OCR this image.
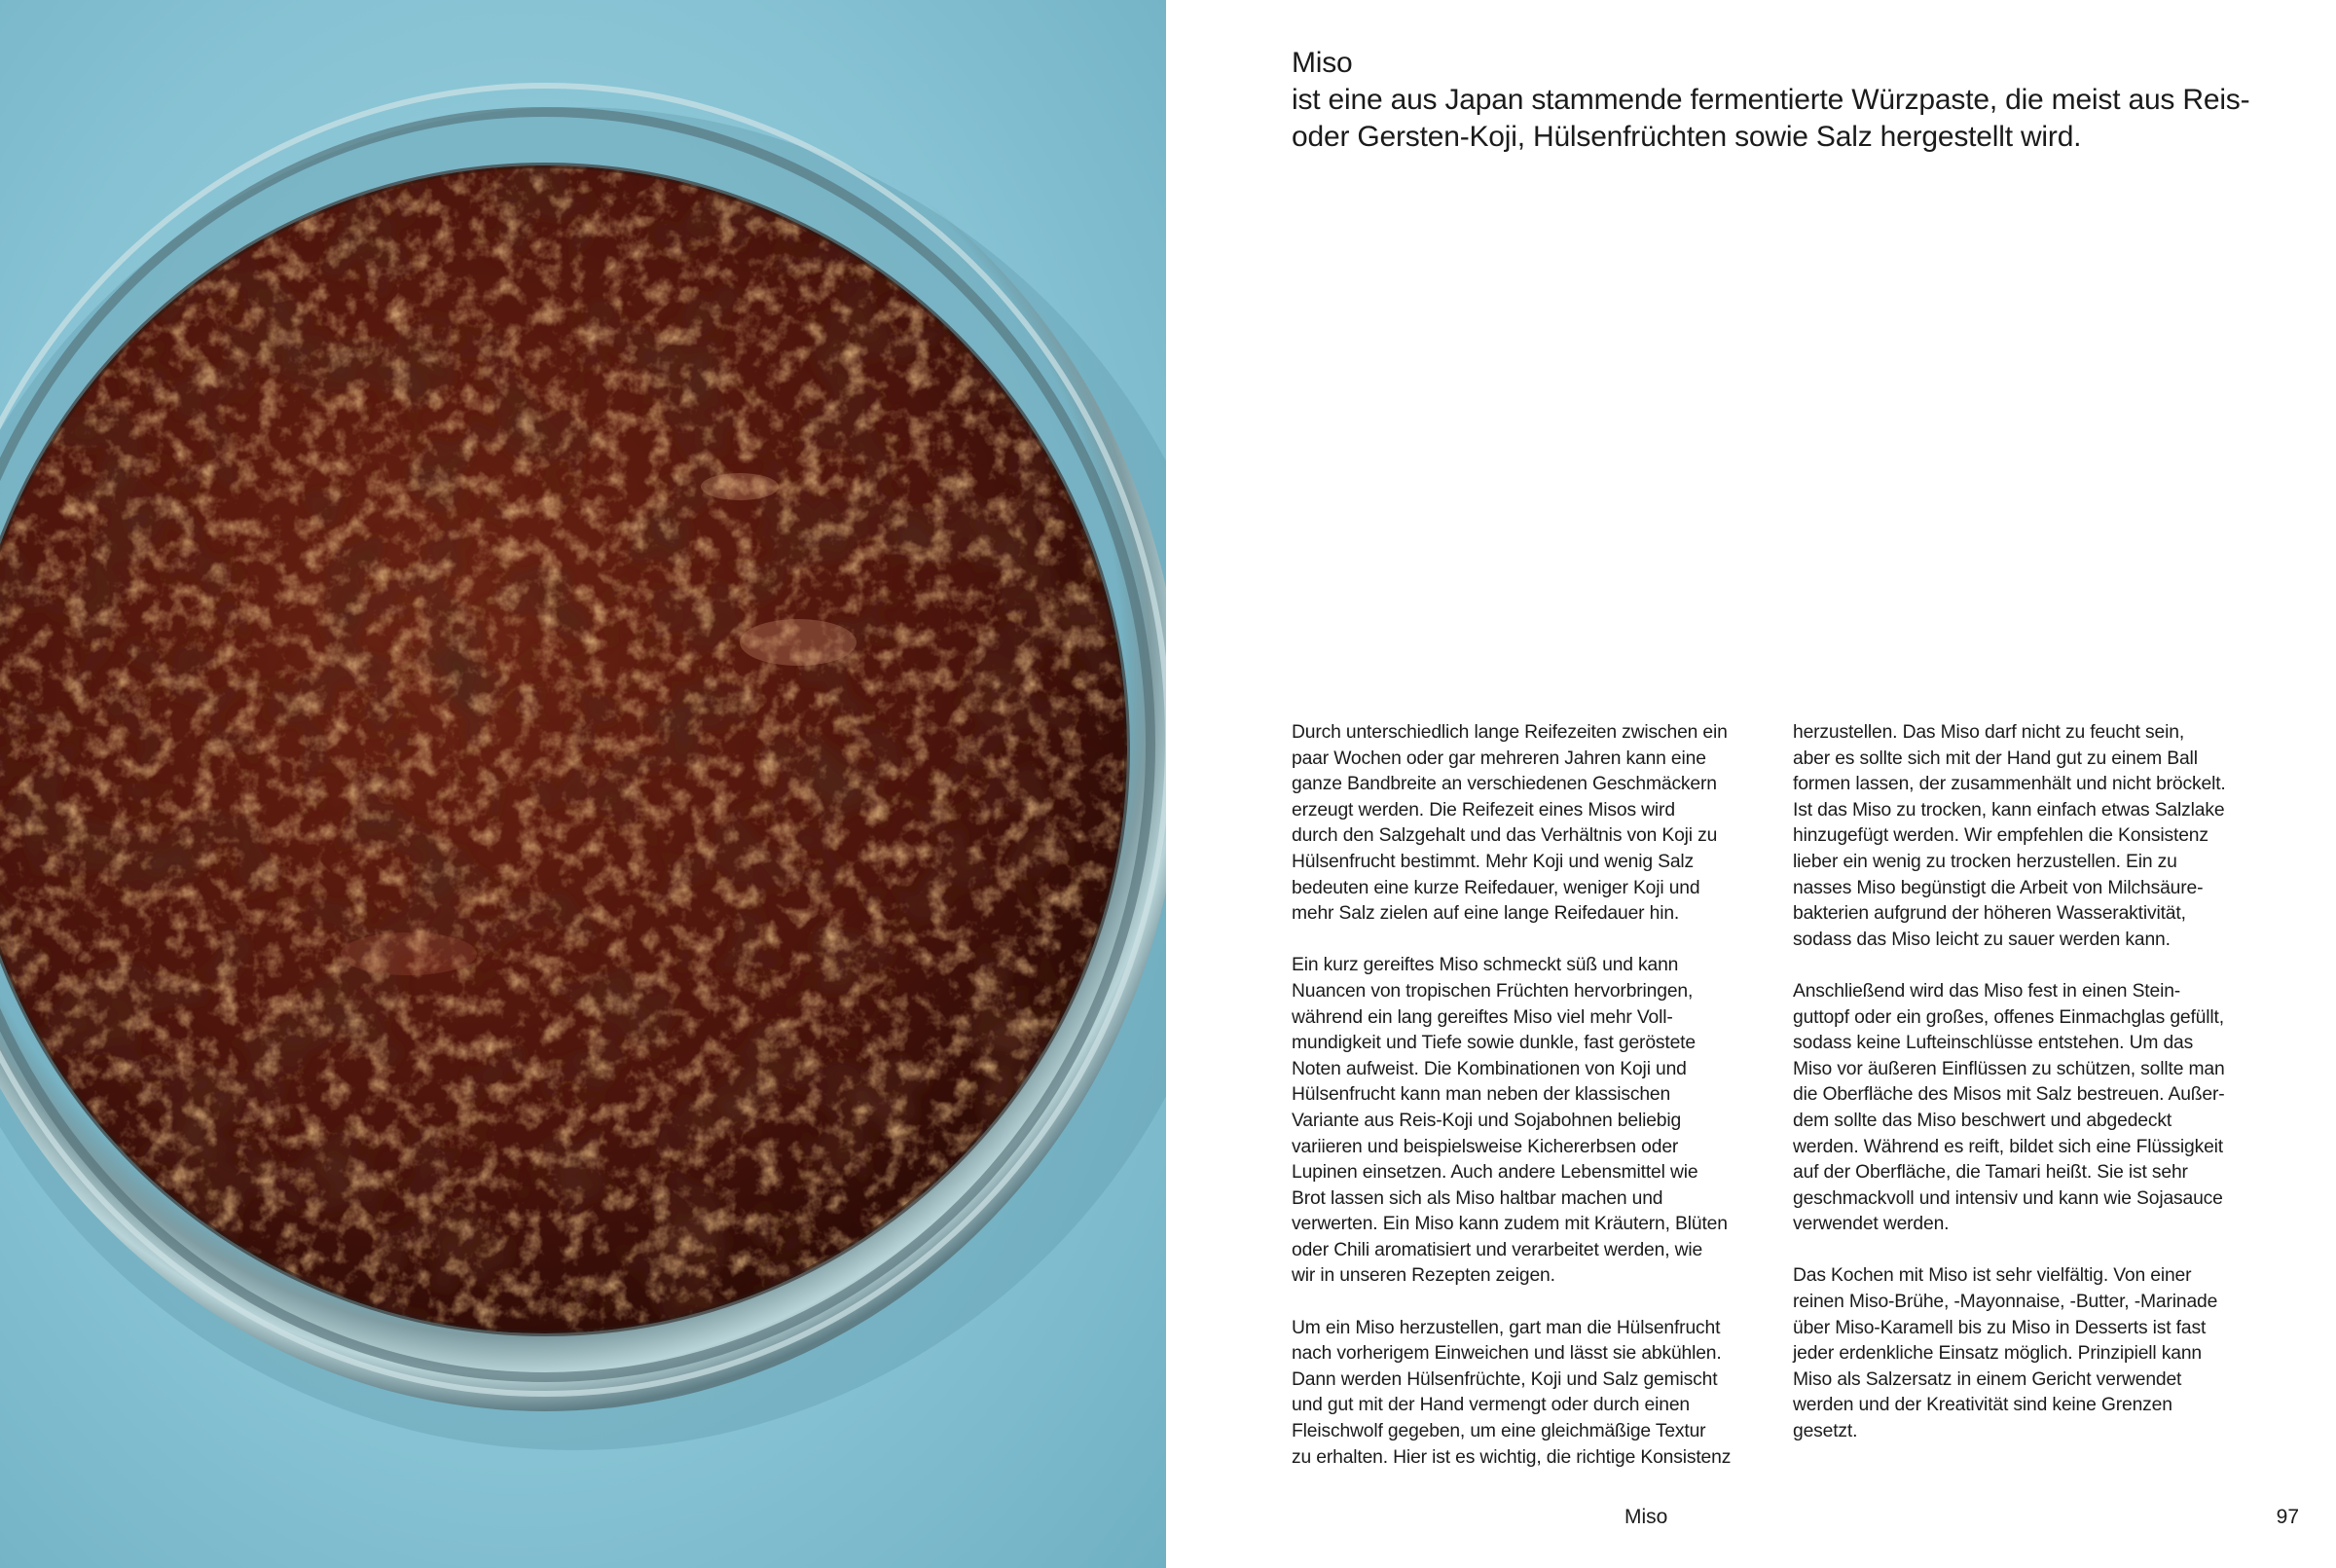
Miso
ist eine aus Japan stammende fermentierte Würzpaste, die meist aus Reis-
oder Gersten-Koji, Hülsenfrüchten sowie Salz hergestellt wird.

Durch unterschiedlich lange Reifezeiten zwischen ein
paar Wochen oder gar mehreren Jahren kann eine
ganze Bandbreite an verschiedenen Geschmäckern
erzeugt werden. Die Reifezeit eines Misos wird
durch den Salzgehalt und das Verhältnis von Koji zu
Hülsenfrucht bestimmt. Mehr Koji und wenig Salz
bedeuten eine kurze Reifedauer, weniger Koji und
mehr Salz zielen auf eine lange Reifedauer hin.

Ein kurz gereiftes Miso schmeckt süß und kann
Nuancen von tropischen Früchten hervorbringen,
während ein lang gereiftes Miso viel mehr Voll-
mundigkeit und Tiefe sowie dunkle, fast geröstete
Noten aufweist. Die Kombinationen von Koji und
Hülsenfrucht kann man neben der klassischen
Variante aus Reis-Koji und Sojabohnen beliebig
variieren und beispielsweise Kichererbsen oder
Lupinen einsetzen. Auch andere Lebensmittel wie
Brot lassen sich als Miso haltbar machen und
verwerten. Ein Miso kann zudem mit Kräutern, Blüten
oder Chili aromatisiert und verarbeitet werden, wie
wir in unseren Rezepten zeigen.

Um ein Miso herzustellen, gart man die Hülsenfrucht
nach vorherigem Einweichen und lässt sie abkühlen.
Dann werden Hülsenfrüchte, Koji und Salz gemischt
und gut mit der Hand vermengt oder durch einen
Fleischwolf gegeben, um eine gleichmäßige Textur
zu erhalten. Hier ist es wichtig, die richtige Konsistenz

herzustellen. Das Miso darf nicht zu feucht sein,
aber es sollte sich mit der Hand gut zu einem Ball
formen lassen, der zusammenhält und nicht bröckelt.
Ist das Miso zu trocken, kann einfach etwas Salzlake
hinzugefügt werden. Wir empfehlen die Konsistenz
lieber ein wenig zu trocken herzustellen. Ein zu
nasses Miso begünstigt die Arbeit von Milchsäure-
bakterien aufgrund der höheren Wasseraktivität,
sodass das Miso leicht zu sauer werden kann.

Anschließend wird das Miso fest in einen Stein-
guttopf oder ein großes, offenes Einmachglas gefüllt,
sodass keine Lufteinschlüsse entstehen. Um das
Miso vor äußeren Einflüssen zu schützen, sollte man
die Oberfläche des Misos mit Salz bestreuen. Außer-
dem sollte das Miso beschwert und abgedeckt
werden. Während es reift, bildet sich eine Flüssigkeit
auf der Oberfläche, die Tamari heißt. Sie ist sehr
geschmackvoll und intensiv und kann wie Sojasauce
verwendet werden.

Das Kochen mit Miso ist sehr vielfältig. Von einer
reinen Miso-Brühe, -Mayonnaise, -Butter, -Marinade
über Miso-Karamell bis zu Miso in Desserts ist fast
jeder erdenkliche Einsatz möglich. Prinzipiell kann
Miso als Salzersatz in einem Gericht verwendet
werden und der Kreativität sind keine Grenzen
gesetzt.

Miso	97
